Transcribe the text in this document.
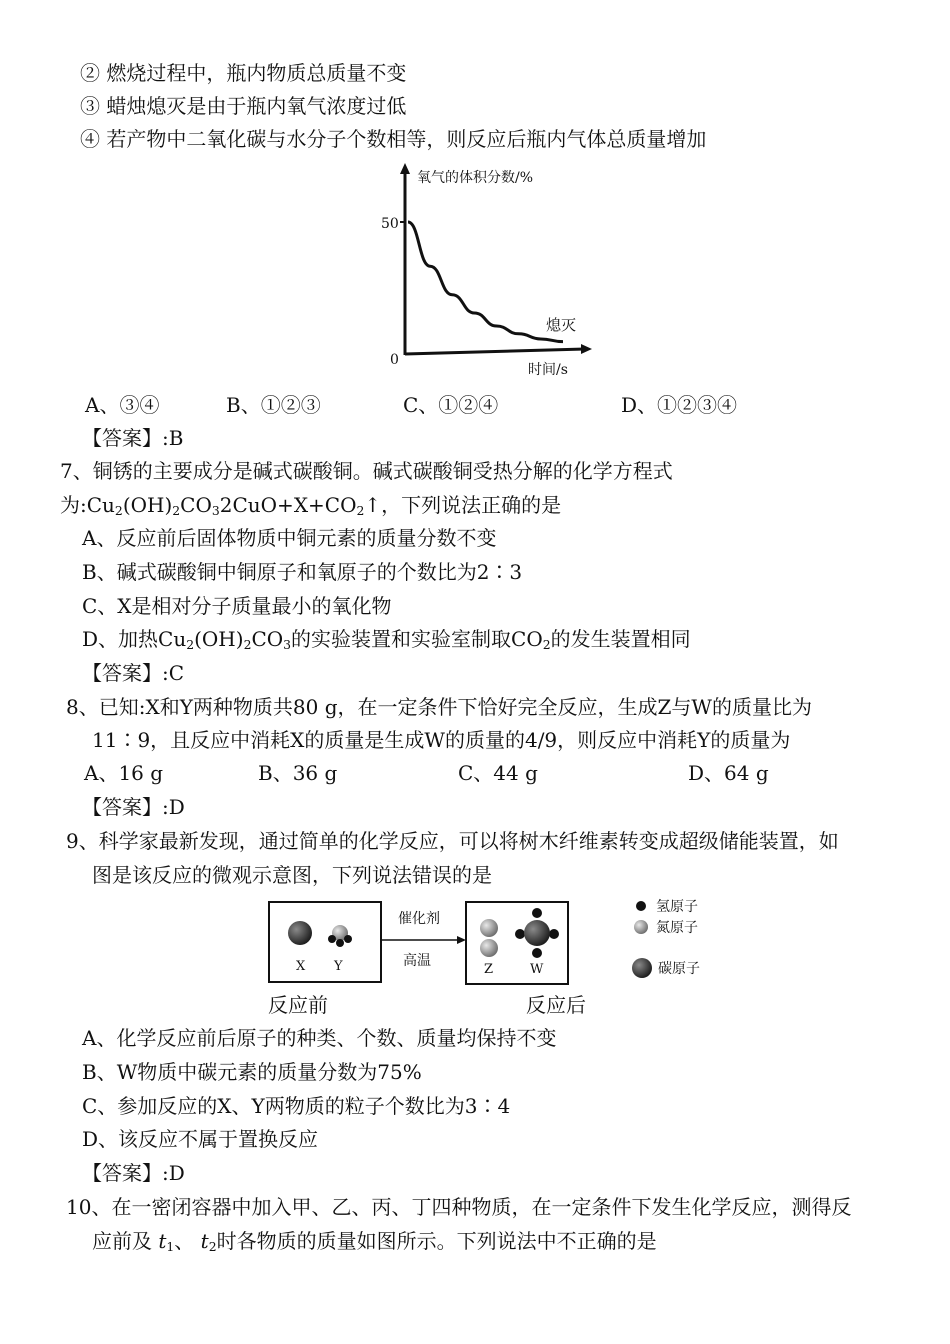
② 燃烧过程中，瓶内物质总质量不变
③ 蜡烛熄灭是由于瓶内氧气浓度过低
④ 若产物中二氧化碳与水分子个数相等，则反应后瓶内气体总质量增加
氧气的体积分数/%
50
0
熄灭
时间/s
A、③④	B、①②③	C、①②④	D、①②③④
【答案】:B
7、铜锈的主要成分是碱式碳酸铜。碱式碳酸铜受热分解的化学方程式
为$:Cu_2(OH)_2CO_32CuO+X+CO_2↑$，下列说法正确的是
A、反应前后固体物质中铜元素的质量分数不变
B、碱式碳酸铜中铜原子和氧原子的个数比为2∶3
C、X是相对分子质量最小的氧化物
D、加热$Cu_2(OH)_2CO_3$的实验装置和实验室制取$CO_2$的发生装置相同
【答案】:C
8、已知:X和Y两种物质共80 g，在一定条件下恰好完全反应，生成Z与W的质量比为
11∶9，且反应中消耗X的质量是生成W的质量的4/9，则反应中消耗Y的质量为
A、16 g	B、36 g	C、44 g	D、64 g
【答案】:D
9、科学家最新发现，通过简单的化学反应，可以将树木纤维素转变成超级储能装置，如
图是该反应的微观示意图，下列说法错误的是
X Y
催化剂
高温
Z	W
氢原子
氮原子
碳原子
反应前	反应后
A、化学反应前后原子的种类、个数、质量均保持不变
B、W物质中碳元素的质量分数为75%
C、参加反应的X、Y两物质的粒子个数比为3∶4
D、该反应不属于置换反应
【答案】:D
10、在一密闭容器中加入甲、乙、丙、丁四种物质，在一定条件下发生化学反应，测得反
应前及 $t_1$、 $t_2$时各物质的质量如图所示。下列说法中不正确的是
